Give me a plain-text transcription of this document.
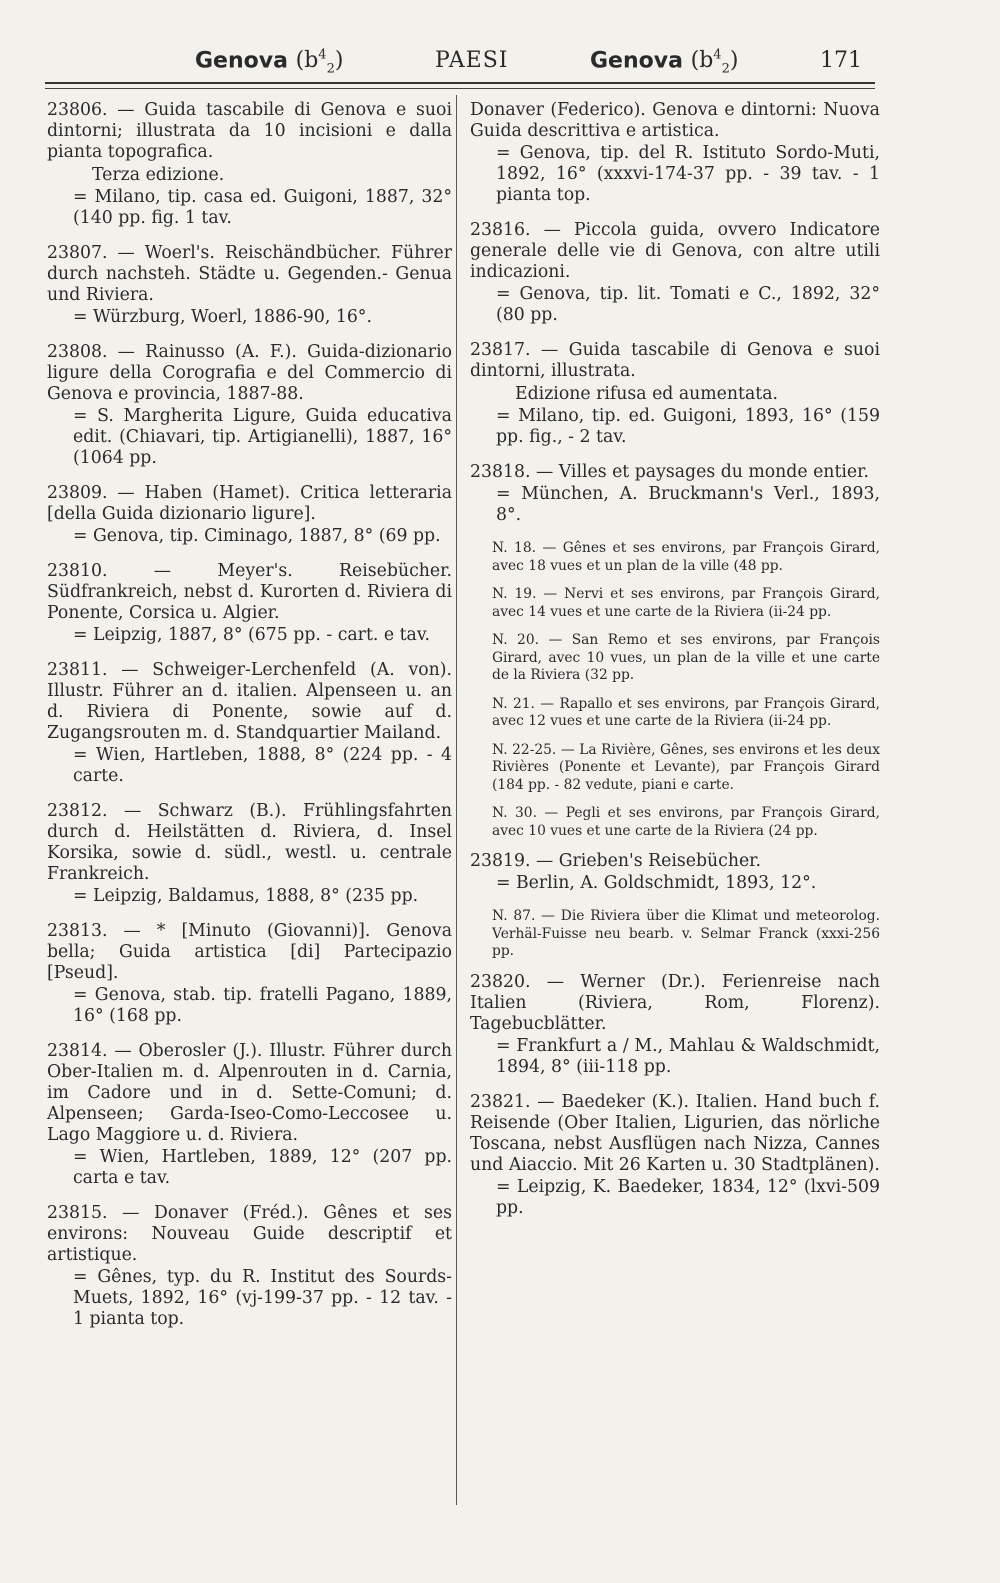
Genova $(b^4_2)$	PAESI	Genova $(b^4_2)$	171
23806. — Guida tascabile di Genova e suoi dintorni; illustrata da 10 incisioni e dalla pianta topografica.
Terza edizione.
= Milano, tip. casa ed. Guigoni, 1887, 32° (140 pp. fig. 1 tav.
23807. — Woerl's. Reischändbücher. Führer durch nachsteh. Städte u. Gegenden.- Genua und Riviera.
= Würzburg, Woerl, 1886-90, 16°.
23808. — Rainusso (A. F.). Guida-dizionario ligure della Corografia e del Commercio di Genova e provincia, 1887-88.
= S. Margherita Ligure, Guida educativa edit. (Chiavari, tip. Artigianelli), 1887, 16° (1064 pp.
23809. — Haben (Hamet). Critica letteraria [della Guida dizionario ligure].
= Genova, tip. Ciminago, 1887, 8° (69 pp.
23810. — Meyer's. Reisebücher. Südfrankreich, nebst d. Kurorten d. Riviera di Ponente, Corsica u. Algier.
= Leipzig, 1887, 8° (675 pp. - cart. e tav.
23811. — Schweiger-Lerchenfeld (A. von). Illustr. Führer an d. italien. Alpenseen u. an d. Riviera di Ponente, sowie auf d. Zugangsrouten m. d. Standquartier Mailand.
= Wien, Hartleben, 1888, 8° (224 pp. - 4 carte.
23812. — Schwarz (B.). Frühlingsfahrten durch d. Heilstätten d. Riviera, d. Insel Korsika, sowie d. südl., westl. u. centrale Frankreich.
= Leipzig, Baldamus, 1888, 8° (235 pp.
23813. — * [Minuto (Giovanni)]. Genova bella; Guida artistica [di] Partecipazio [Pseud].
= Genova, stab. tip. fratelli Pagano, 1889, 16° (168 pp.
23814. — Oberosler (J.). Illustr. Führer durch Ober-Italien m. d. Alpenrouten in d. Carnia, im Cadore und in d. Sette-Comuni; d. Alpenseen; Garda-Iseo-Como-Leccosee u. Lago Maggiore u. d. Riviera.
= Wien, Hartleben, 1889, 12° (207 pp. carta e tav.
23815. — Donaver (Fréd.). Gênes et ses environs: Nouveau Guide descriptif et artistique.
= Gênes, typ. du R. Institut des Sourds-Muets, 1892, 16° (vj-199-37 pp. - 12 tav. - 1 pianta top.
Donaver (Federico). Genova e dintorni: Nuova Guida descrittiva e artistica.
= Genova, tip. del R. Istituto Sordo-Muti, 1892, 16° (xxxvi-174-37 pp. - 39 tav. - 1 pianta top.
23816. — Piccola guida, ovvero Indicatore generale delle vie di Genova, con altre utili indicazioni.
= Genova, tip. lit. Tomati e C., 1892, 32° (80 pp.
23817. — Guida tascabile di Genova e suoi dintorni, illustrata.
Edizione rifusa ed aumentata.
= Milano, tip. ed. Guigoni, 1893, 16° (159 pp. fig., - 2 tav.
23818. — Villes et paysages du monde entier.
= München, A. Bruckmann's Verl., 1893, 8°.
N. 18. — Gênes et ses environs, par François Girard, avec 18 vues et un plan de la ville (48 pp.
N. 19. — Nervi et ses environs, par François Girard, avec 14 vues et une carte de la Riviera (ii-24 pp.
N. 20. — San Remo et ses environs, par François Girard, avec 10 vues, un plan de la ville et une carte de la Riviera (32 pp.
N. 21. — Rapallo et ses environs, par François Girard, avec 12 vues et une carte de la Riviera (ii-24 pp.
N. 22-25. — La Rivière, Gênes, ses environs et les deux Rivières (Ponente et Levante), par François Girard (184 pp. - 82 vedute, piani e carte.
N. 30. — Pegli et ses environs, par François Girard, avec 10 vues et une carte de la Riviera (24 pp.
23819. — Grieben's Reisebücher.
= Berlin, A. Goldschmidt, 1893, 12°.
N. 87. — Die Riviera über die Klimat und meteorolog. Verhäl-Fuisse neu bearb. v. Selmar Franck (xxxi-256 pp.
23820. — Werner (Dr.). Ferienreise nach Italien (Riviera, Rom, Florenz). Tagebucblätter.
= Frankfurt a / M., Mahlau & Waldschmidt, 1894, 8° (iii-118 pp.
23821. — Baedeker (K.). Italien. Hand buch f. Reisende (Ober Italien, Ligurien, das nörliche Toscana, nebst Ausflügen nach Nizza, Cannes und Aiaccio. Mit 26 Karten u. 30 Stadtplänen).
= Leipzig, K. Baedeker, 1834, 12° (lxvi-509 pp.
